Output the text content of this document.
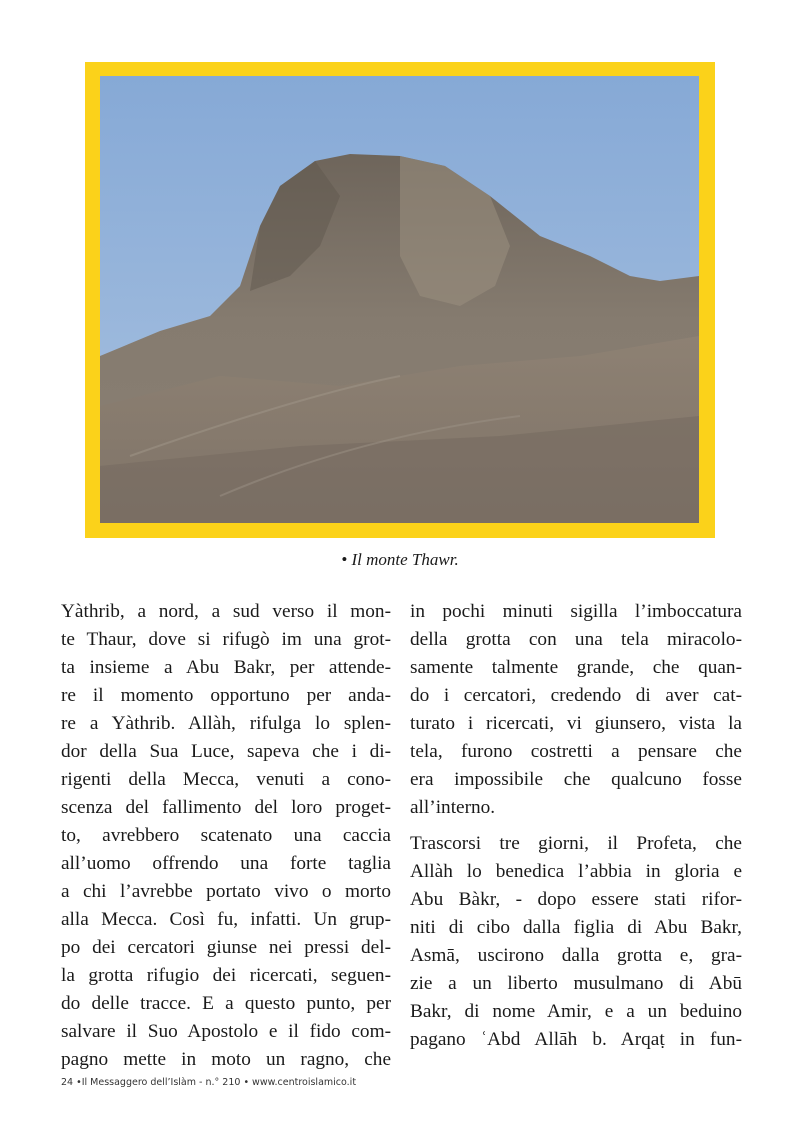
• Il monte Thawr.

Yàthrib, a nord, a sud verso il mon-
te Thaur, dove si rifugò im una grot-
ta insieme a Abu Bakr, per attende-
re il momento opportuno per anda-
re a Yàthrib. Allàh, rifulga lo splen-
dor della Sua Luce, sapeva che i di-
rigenti della Mecca, venuti a cono-
scenza del fallimento del loro proget-
to, avrebbero scatenato una caccia
all’uomo offrendo una forte taglia
a chi l’avrebbe portato vivo o morto
alla Mecca. Così fu, infatti. Un grup-
po dei cercatori giunse nei pressi del-
la grotta rifugio dei ricercati, seguen-
do delle tracce. E a questo punto, per
salvare il Suo Apostolo e il fido com-
pagno mette in moto un ragno, che

in pochi minuti sigilla l’imboccatura
della grotta con una tela miracolo-
samente talmente grande, che quan-
do i cercatori, credendo di aver cat-
turato i ricercati, vi giunsero, vista la
tela, furono costretti a pensare che
era impossibile che qualcuno fosse
all’interno.

Trascorsi tre giorni, il Profeta, che
Allàh lo benedica l’abbia in gloria e
Abu Bàkr, - dopo essere stati rifor-
niti di cibo dalla figlia di Abu Bakr,
Asmā, uscirono dalla grotta e, gra-
zie a un liberto musulmano di Abū
Bakr, di nome Amir, e a un beduino
pagano ʿAbd Allāh b. Arqaṭ in fun-

24 •Il Messaggero dell’Islàm - n.° 210 • www.centroislamico.it
